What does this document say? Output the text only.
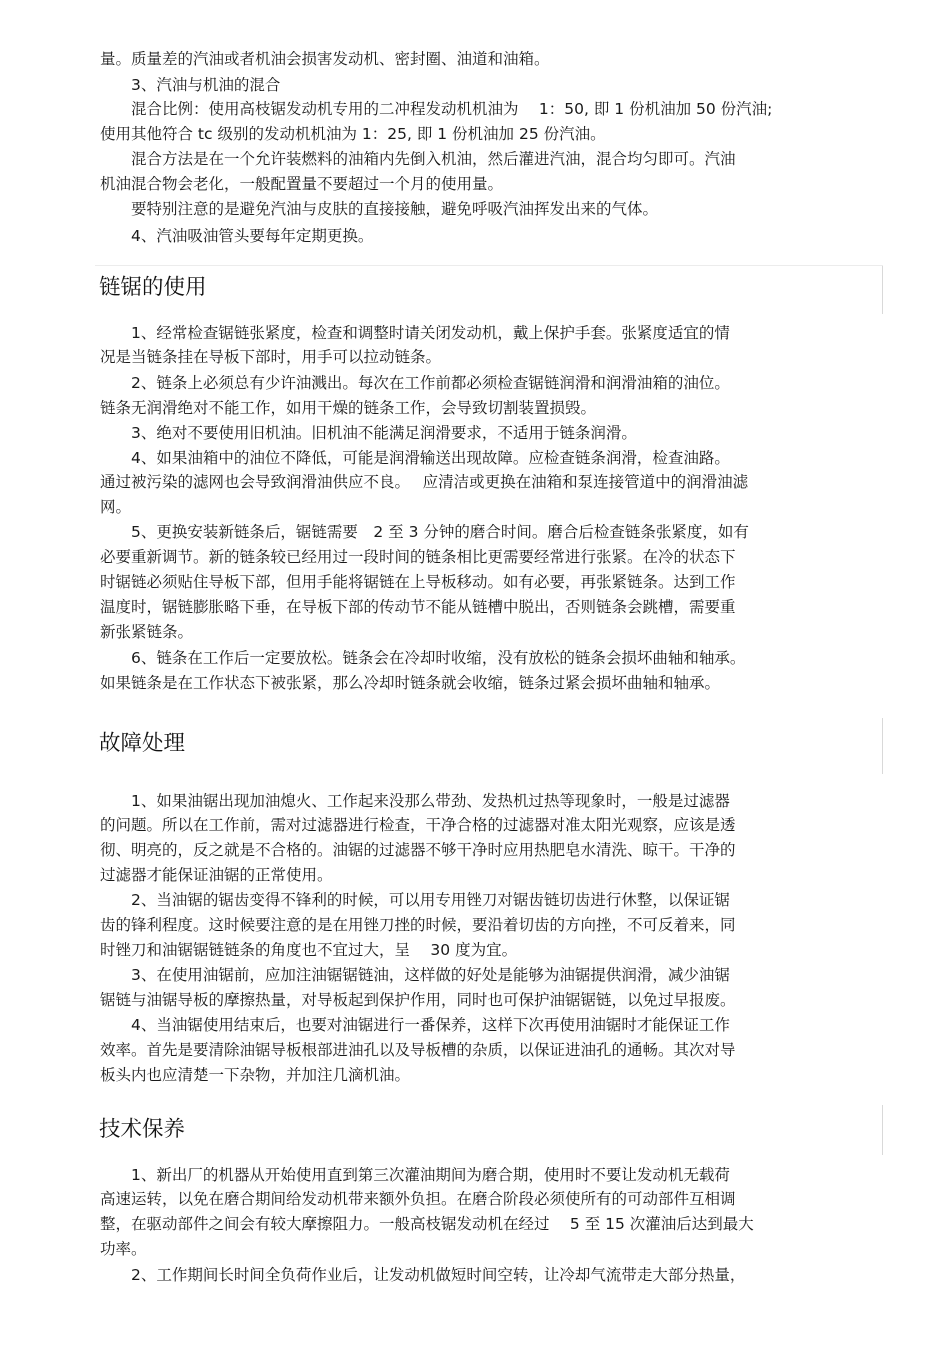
量。质量差的汽油或者机油会损害发动机、密封圈、油道和油箱。
　　3、汽油与机油的混合
　　混合比例：使用高枝锯发动机专用的二冲程发动机机油为　 1：50, 即 1 份机油加 50 份汽油;
使用其他符合 tc 级别的发动机机油为 1：25, 即 1 份机油加 25 份汽油。
　　混合方法是在一个允许装燃料的油箱内先倒入机油，然后灌进汽油，混合均匀即可。汽油
机油混合物会老化，一般配置量不要超过一个月的使用量。
　　要特别注意的是避免汽油与皮肤的直接接触，避免呼吸汽油挥发出来的气体。
　　4、汽油吸油管头要每年定期更换。
链锯的使用
　　1、经常检查锯链张紧度，检查和调整时请关闭发动机，戴上保护手套。张紧度适宜的情
况是当链条挂在导板下部时，用手可以拉动链条。
　　2、链条上必须总有少许油溅出。每次在工作前都必须检查锯链润滑和润滑油箱的油位。
链条无润滑绝对不能工作，如用干燥的链条工作，会导致切割装置损毁。
　　3、绝对不要使用旧机油。旧机油不能满足润滑要求，不适用于链条润滑。
　　4、如果油箱中的油位不降低，可能是润滑输送出现故障。应检查链条润滑，检查油路。
通过被污染的滤网也会导致润滑油供应不良。　 应清洁或更换在油箱和泵连接管道中的润滑油滤
网。
　　5、更换安装新链条后，锯链需要　2 至 3 分钟的磨合时间。磨合后检查链条张紧度，如有
必要重新调节。新的链条较已经用过一段时间的链条相比更需要经常进行张紧。在冷的状态下
时锯链必须贴住导板下部，但用手能将锯链在上导板移动。如有必要，再张紧链条。达到工作
温度时，锯链膨胀略下垂，在导板下部的传动节不能从链槽中脱出，否则链条会跳槽，需要重
新张紧链条。
　　6、链条在工作后一定要放松。链条会在冷却时收缩，没有放松的链条会损坏曲轴和轴承。
如果链条是在工作状态下被张紧，那么冷却时链条就会收缩，链条过紧会损坏曲轴和轴承。
故障处理
　　1、如果油锯出现加油熄火、工作起来没那么带劲、发热机过热等现象时，一般是过滤器
的问题。所以在工作前，需对过滤器进行检查，干净合格的过滤器对准太阳光观察，应该是透
彻、明亮的，反之就是不合格的。油锯的过滤器不够干净时应用热肥皂水清洗、晾干。干净的
过滤器才能保证油锯的正常使用。
　　2、当油锯的锯齿变得不锋利的时候，可以用专用锉刀对锯齿链切齿进行休整，以保证锯
齿的锋利程度。这时候要注意的是在用锉刀挫的时候，要沿着切齿的方向挫，不可反着来，同
时锉刀和油锯锯链链条的角度也不宜过大，呈　 30 度为宜。
　　3、在使用油锯前，应加注油锯锯链油，这样做的好处是能够为油锯提供润滑，减少油锯
锯链与油锯导板的摩擦热量，对导板起到保护作用，同时也可保护油锯锯链，以免过早报废。
　　4、当油锯使用结束后，也要对油锯进行一番保养，这样下次再使用油锯时才能保证工作
效率。首先是要清除油锯导板根部进油孔以及导板槽的杂质，以保证进油孔的通畅。其次对导
板头内也应清楚一下杂物，并加注几滴机油。
技术保养
　　1、新出厂的机器从开始使用直到第三次灌油期间为磨合期，使用时不要让发动机无载荷
高速运转，以免在磨合期间给发动机带来额外负担。在磨合阶段必须使所有的可动部件互相调
整，在驱动部件之间会有较大摩擦阻力。一般高枝锯发动机在经过　 5 至 15 次灌油后达到最大
功率。
　　2、工作期间长时间全负荷作业后，让发动机做短时间空转，让冷却气流带走大部分热量，
